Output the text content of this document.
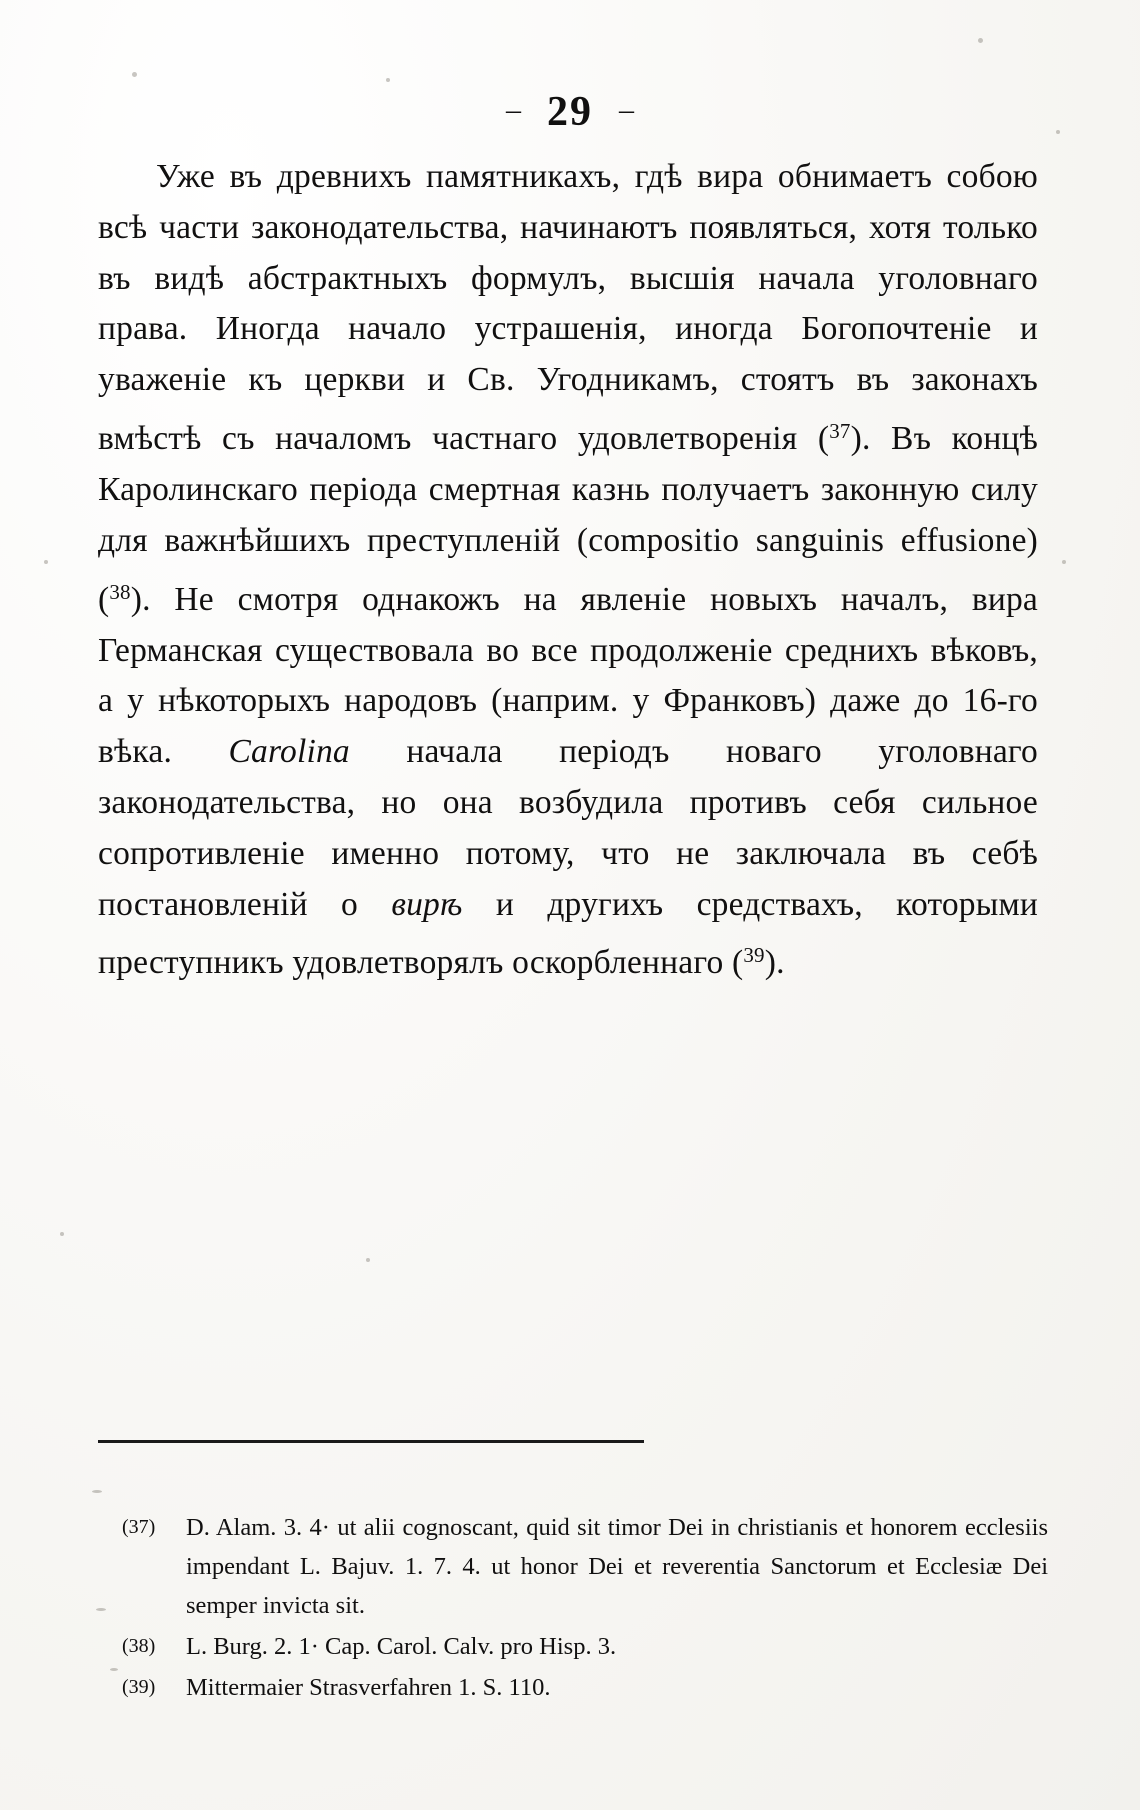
– 29 –

Уже въ древнихъ памятникахъ, гдѣ вира обнимаетъ собою всѣ части законодательства, начинаютъ появляться, хотя только въ видѣ абстрактныхъ формулъ, высшія начала уголовнаго права. Иногда начало устрашенія, иногда Богопочтеніе и уваженіе къ церкви и Св. Угодникамъ, стоятъ въ законахъ вмѣстѣ съ началомъ частнаго удовлетворенія ($^{37}$). Въ концѣ Каролинскаго періода смертная казнь получаетъ законную силу для важнѣйшихъ преступленій (compositio sanguinis effusione) ($^{38}$). Не смотря однакожъ на явленіе новыхъ началъ, вира Германская существовала во все продолженіе среднихъ вѣковъ, а у нѣкоторыхъ народовъ (наприм. у Франковъ) даже до 16-го вѣка. Carolina начала періодъ новаго уголовнаго законодательства, но она возбудила противъ себя сильное сопротивленіе именно потому, что не заключала въ себѣ постановленій о вирѣ и другихъ средствахъ, которыми преступникъ удовлетворялъ оскорбленнаго ($^{39}$).

(37) D. Alam. 3. 4· ut alii cognoscant, quid sit timor Dei in christianis et honorem ecclesiis impendant L. Bajuv. 1. 7. 4. ut honor Dei et reverentia Sanctorum et Ecclesiæ Dei semper invicta sit.
(38) L. Burg. 2. 1· Cap. Carol. Calv. pro Hisp. 3.
(39) Mittermaier Strasverfahren 1. S. 110.
